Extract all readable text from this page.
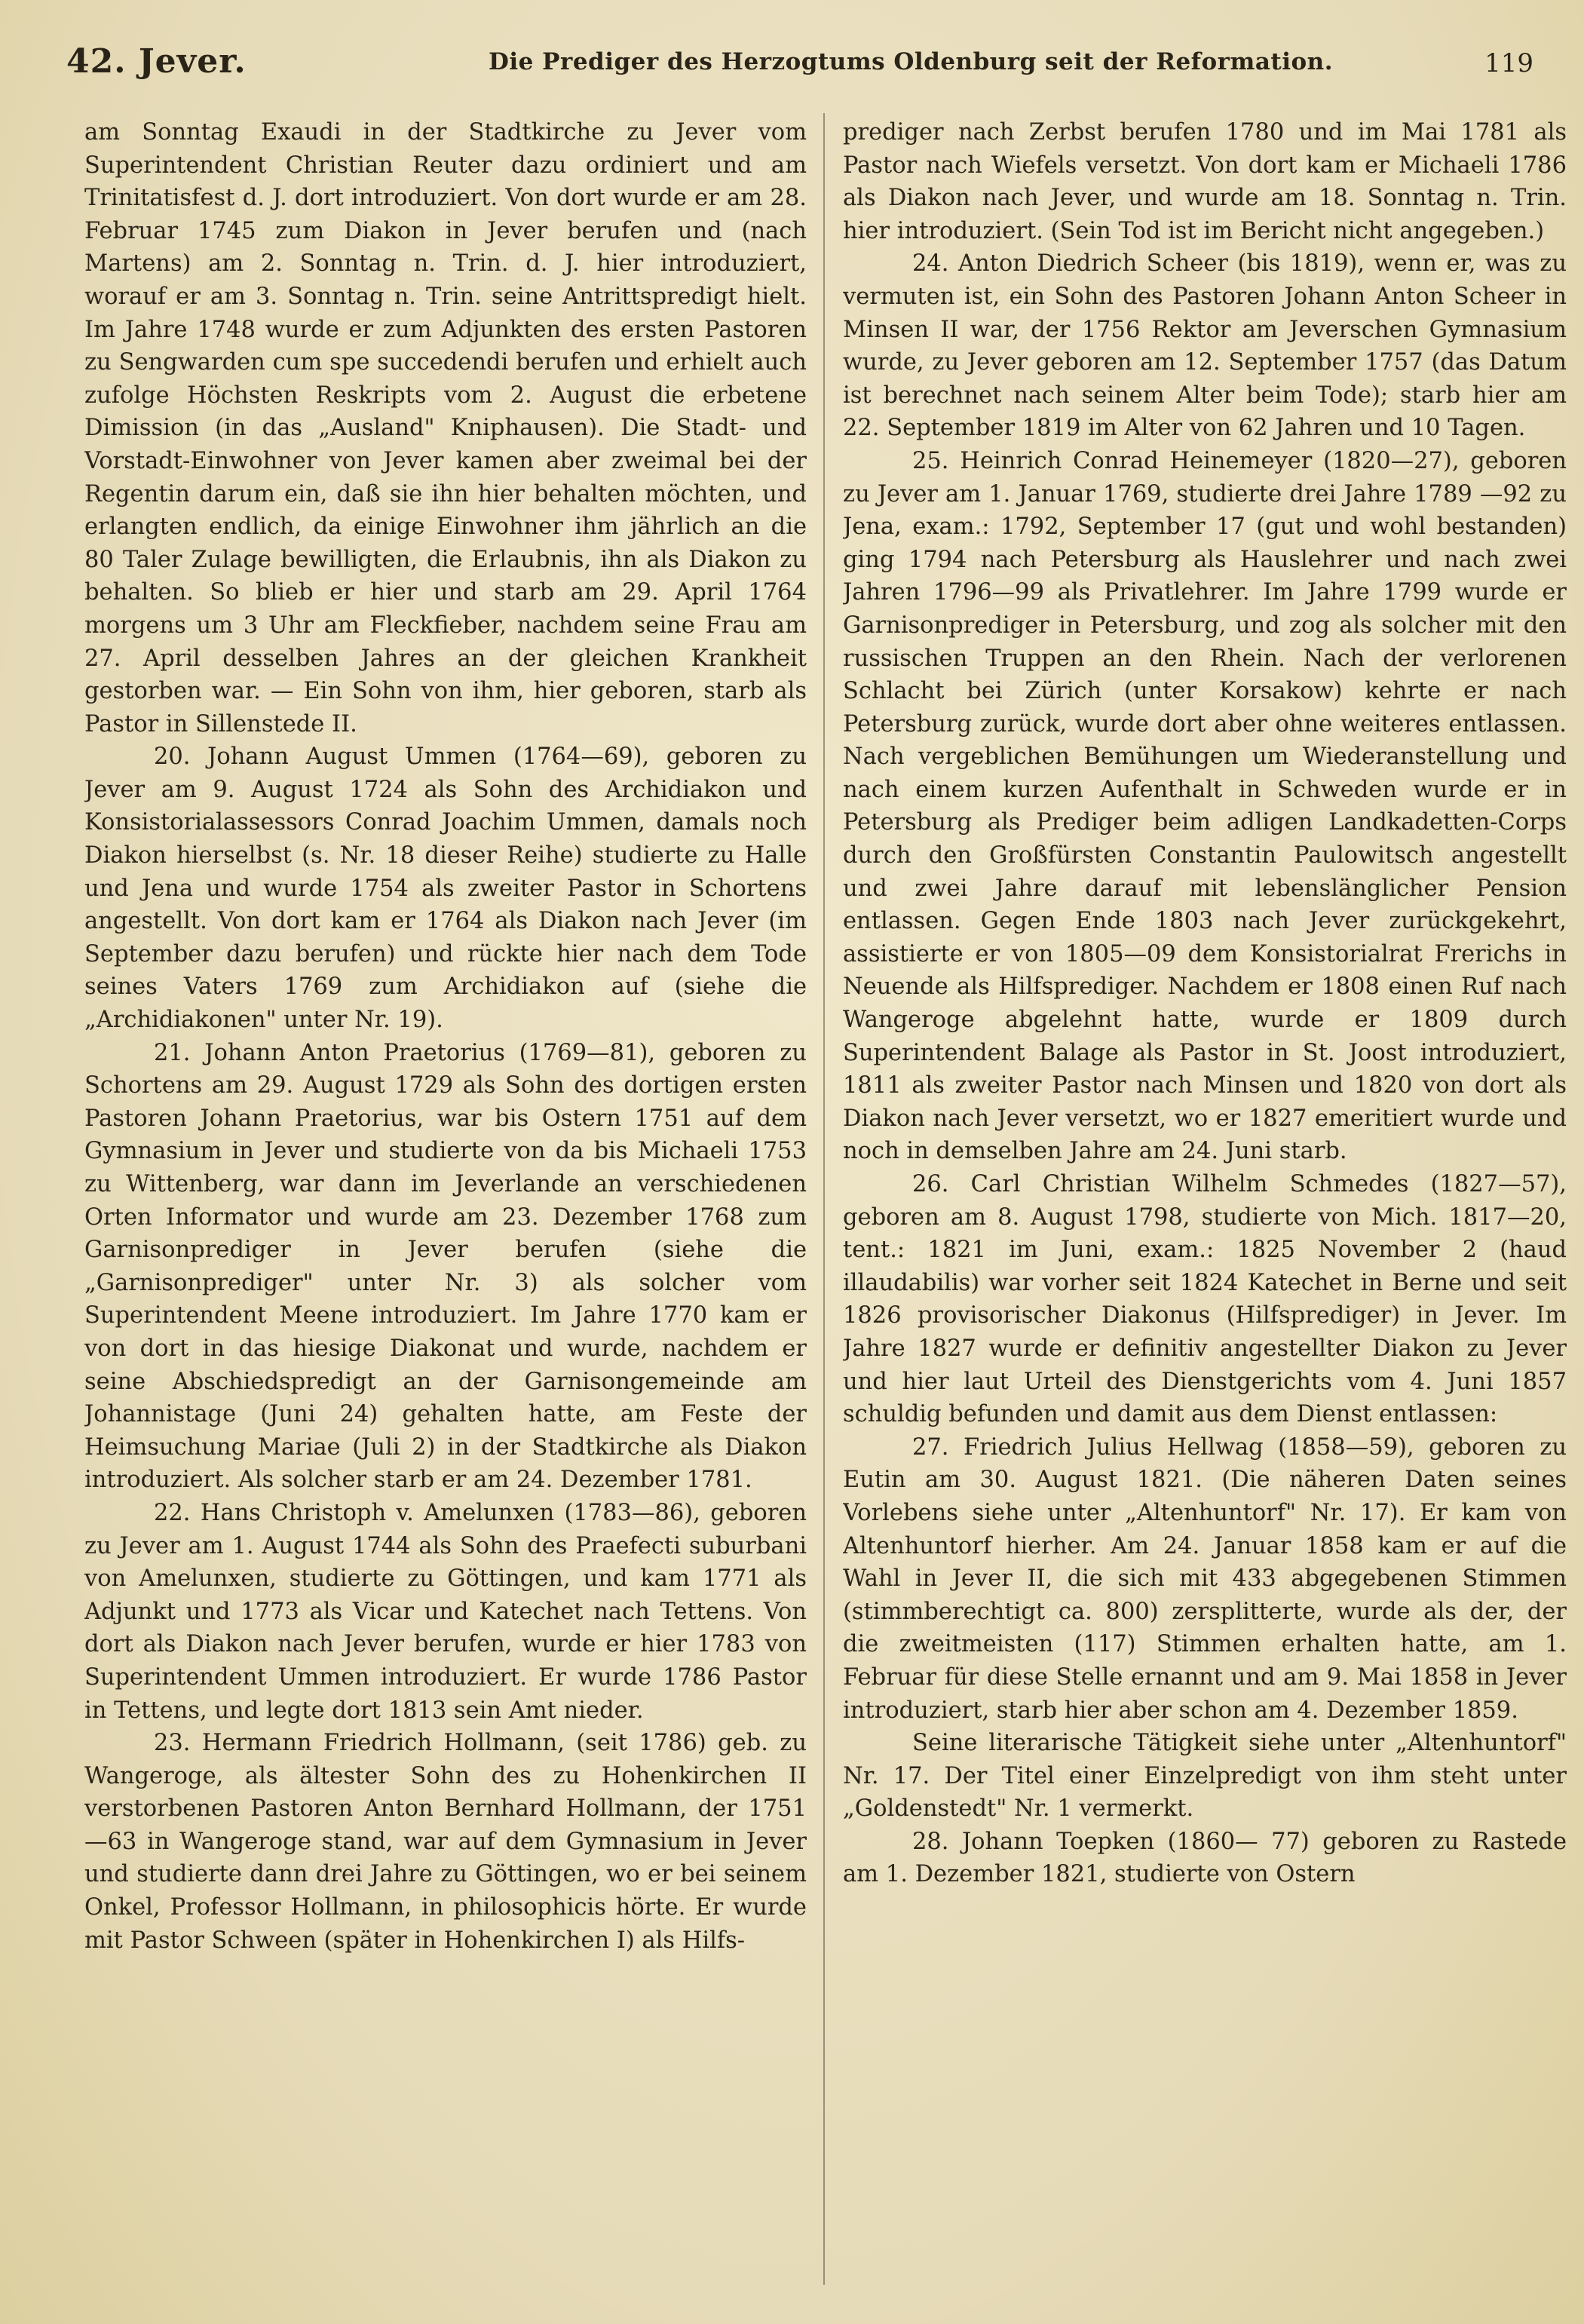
42. Jever.	Die Prediger des Herzogtums Oldenburg seit der Reformation.	119

am Sonntag Exaudi in der Stadtkirche zu Jever vom Superintendent Christian Reuter dazu ordiniert und am Trinitatisfest d. J. dort introduziert. Von dort wurde er am 28. Februar 1745 zum Diakon in Jever berufen und (nach Martens) am 2. Sonntag n. Trin. d. J. hier introduziert, worauf er am 3. Sonntag n. Trin. seine Antrittspredigt hielt. Im Jahre 1748 wurde er zum Adjunkten des ersten Pastoren zu Sengwarden cum spe succedendi berufen und erhielt auch zufolge Höchsten Reskripts vom 2. August die erbetene Dimission (in das „Ausland" Kniphausen). Die Stadt- und Vorstadt-Einwohner von Jever kamen aber zweimal bei der Regentin darum ein, daß sie ihn hier behalten möchten, und erlangten endlich, da einige Einwohner ihm jährlich an die 80 Taler Zulage bewilligten, die Erlaubnis, ihn als Diakon zu behalten. So blieb er hier und starb am 29. April 1764 morgens um 3 Uhr am Fleckfieber, nachdem seine Frau am 27. April desselben Jahres an der gleichen Krankheit gestorben war. — Ein Sohn von ihm, hier geboren, starb als Pastor in Sillenstede II.

20. Johann August Ummen (1764—69), geboren zu Jever am 9. August 1724 als Sohn des Archidiakon und Konsistorialassessors Conrad Joachim Ummen, damals noch Diakon hierselbst (s. Nr. 18 dieser Reihe) studierte zu Halle und Jena und wurde 1754 als zweiter Pastor in Schortens angestellt. Von dort kam er 1764 als Diakon nach Jever (im September dazu berufen) und rückte hier nach dem Tode seines Vaters 1769 zum Archidiakon auf (siehe die „Archidiakonen" unter Nr. 19).

21. Johann Anton Praetorius (1769—81), geboren zu Schortens am 29. August 1729 als Sohn des dortigen ersten Pastoren Johann Praetorius, war bis Ostern 1751 auf dem Gymnasium in Jever und studierte von da bis Michaeli 1753 zu Wittenberg, war dann im Jeverlande an verschiedenen Orten Informator und wurde am 23. Dezember 1768 zum Garnisonprediger in Jever berufen (siehe die „Garnisonprediger" unter Nr. 3) als solcher vom Superintendent Meene introduziert. Im Jahre 1770 kam er von dort in das hiesige Diakonat und wurde, nachdem er seine Abschiedspredigt an der Garnisongemeinde am Johannistage (Juni 24) gehalten hatte, am Feste der Heimsuchung Mariae (Juli 2) in der Stadtkirche als Diakon introduziert. Als solcher starb er am 24. Dezember 1781.

22. Hans Christoph v. Amelunxen (1783—86), geboren zu Jever am 1. August 1744 als Sohn des Praefecti suburbani von Amelunxen, studierte zu Göttingen, und kam 1771 als Adjunkt und 1773 als Vicar und Katechet nach Tettens. Von dort als Diakon nach Jever berufen, wurde er hier 1783 von Superintendent Ummen introduziert. Er wurde 1786 Pastor in Tettens, und legte dort 1813 sein Amt nieder.

23. Hermann Friedrich Hollmann, (seit 1786) geb. zu Wangeroge, als ältester Sohn des zu Hohenkirchen II verstorbenen Pastoren Anton Bernhard Hollmann, der 1751—63 in Wangeroge stand, war auf dem Gymnasium in Jever und studierte dann drei Jahre zu Göttingen, wo er bei seinem Onkel, Professor Hollmann, in philosophicis hörte. Er wurde mit Pastor Schween (später in Hohenkirchen I) als Hilfs-

prediger nach Zerbst berufen 1780 und im Mai 1781 als Pastor nach Wiefels versetzt. Von dort kam er Michaeli 1786 als Diakon nach Jever, und wurde am 18. Sonntag n. Trin. hier introduziert. (Sein Tod ist im Bericht nicht angegeben.)

24. Anton Diedrich Scheer (bis 1819), wenn er, was zu vermuten ist, ein Sohn des Pastoren Johann Anton Scheer in Minsen II war, der 1756 Rektor am Jeverschen Gymnasium wurde, zu Jever geboren am 12. September 1757 (das Datum ist berechnet nach seinem Alter beim Tode); starb hier am 22. September 1819 im Alter von 62 Jahren und 10 Tagen.

25. Heinrich Conrad Heinemeyer (1820—27), geboren zu Jever am 1. Januar 1769, studierte drei Jahre 1789 —92 zu Jena, exam.: 1792, September 17 (gut und wohl bestanden) ging 1794 nach Petersburg als Hauslehrer und nach zwei Jahren 1796—99 als Privatlehrer. Im Jahre 1799 wurde er Garnisonprediger in Petersburg, und zog als solcher mit den russischen Truppen an den Rhein. Nach der verlorenen Schlacht bei Zürich (unter Korsakow) kehrte er nach Petersburg zurück, wurde dort aber ohne weiteres entlassen. Nach vergeblichen Bemühungen um Wiederanstellung und nach einem kurzen Aufenthalt in Schweden wurde er in Petersburg als Prediger beim adligen Landkadetten-Corps durch den Großfürsten Constantin Paulowitsch angestellt und zwei Jahre darauf mit lebenslänglicher Pension entlassen. Gegen Ende 1803 nach Jever zurückgekehrt, assistierte er von 1805—09 dem Konsistorialrat Frerichs in Neuende als Hilfsprediger. Nachdem er 1808 einen Ruf nach Wangeroge abgelehnt hatte, wurde er 1809 durch Superintendent Balage als Pastor in St. Joost introduziert, 1811 als zweiter Pastor nach Minsen und 1820 von dort als Diakon nach Jever versetzt, wo er 1827 emeritiert wurde und noch in demselben Jahre am 24. Juni starb.

26. Carl Christian Wilhelm Schmedes (1827—57), geboren am 8. August 1798, studierte von Mich. 1817—20, tent.: 1821 im Juni, exam.: 1825 November 2 (haud illaudabilis) war vorher seit 1824 Katechet in Berne und seit 1826 provisorischer Diakonus (Hilfsprediger) in Jever. Im Jahre 1827 wurde er definitiv angestellter Diakon zu Jever und hier laut Urteil des Dienstgerichts vom 4. Juni 1857 schuldig befunden und damit aus dem Dienst entlassen:

27. Friedrich Julius Hellwag (1858—59), geboren zu Eutin am 30. August 1821. (Die näheren Daten seines Vorlebens siehe unter „Altenhuntorf" Nr. 17). Er kam von Altenhuntorf hierher. Am 24. Januar 1858 kam er auf die Wahl in Jever II, die sich mit 433 abgegebenen Stimmen (stimmberechtigt ca. 800) zersplitterte, wurde als der, der die zweitmeisten (117) Stimmen erhalten hatte, am 1. Februar für diese Stelle ernannt und am 9. Mai 1858 in Jever introduziert, starb hier aber schon am 4. Dezember 1859.

Seine literarische Tätigkeit siehe unter „Altenhuntorf" Nr. 17. Der Titel einer Einzelpredigt von ihm steht unter „Goldenstedt" Nr. 1 vermerkt.

28. Johann Toepken (1860— 77) geboren zu Rastede am 1. Dezember 1821, studierte von Ostern
